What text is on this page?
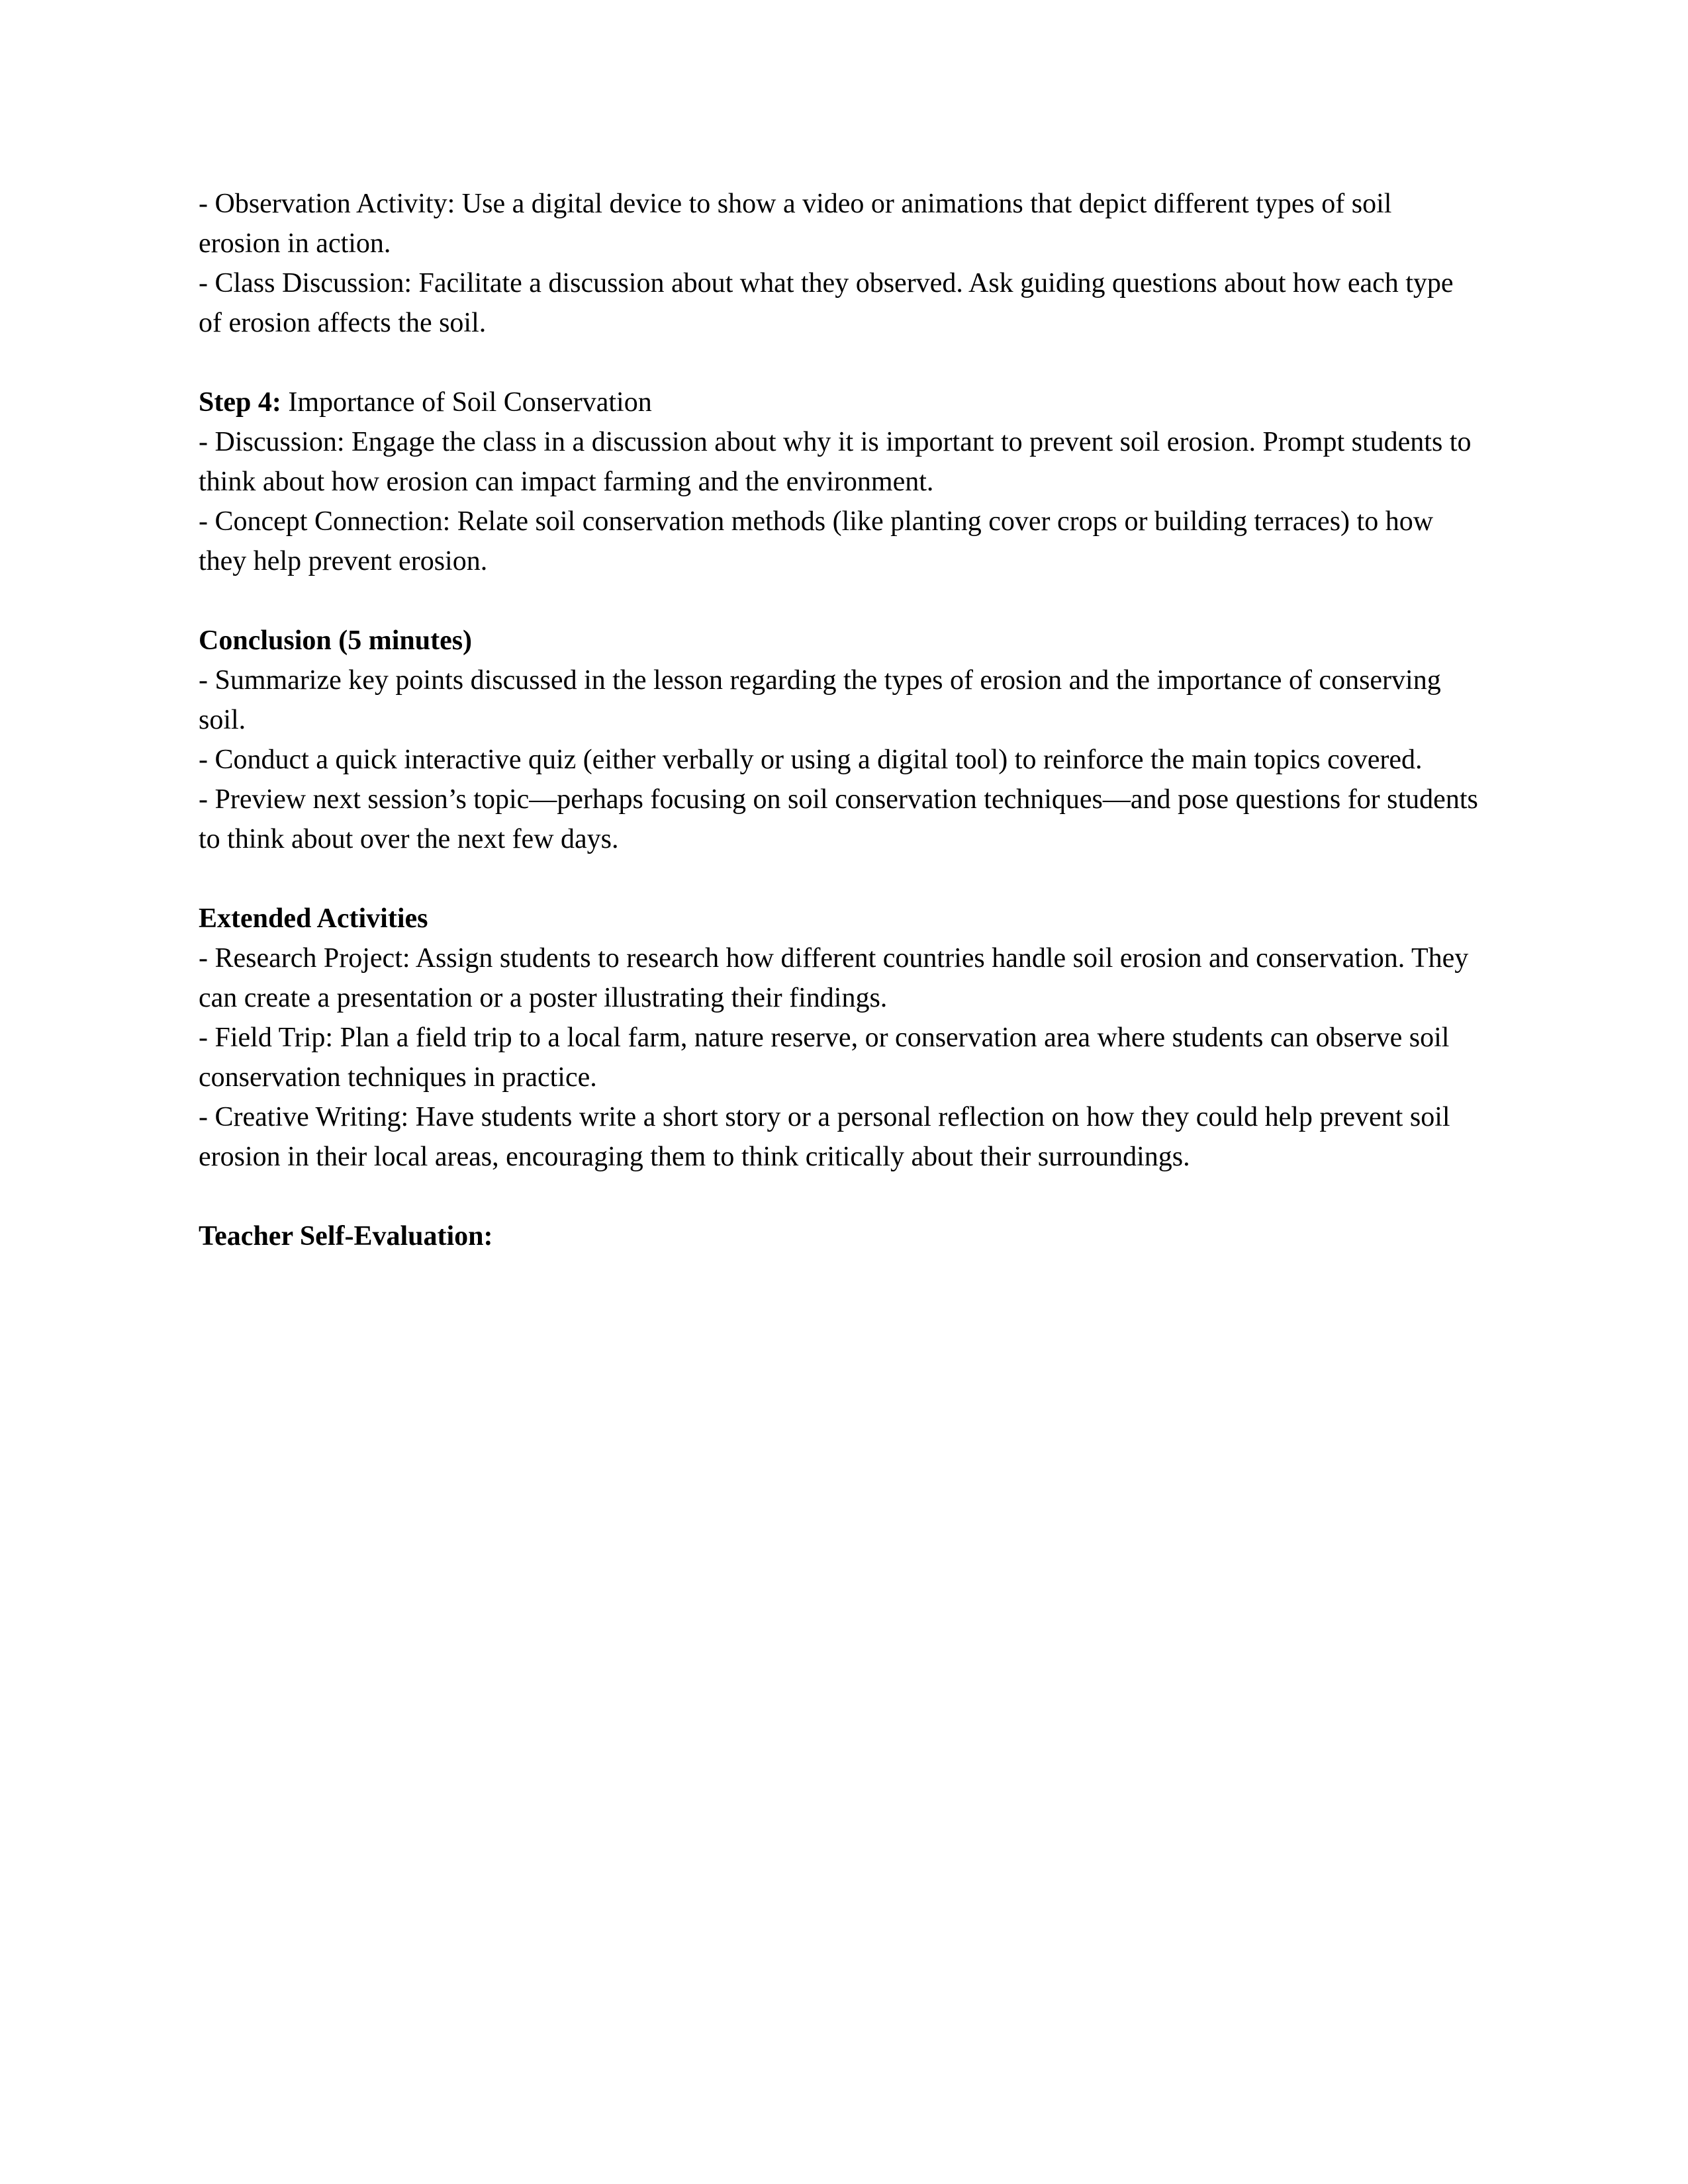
- Observation Activity: Use a digital device to show a video or animations that depict different types of soil erosion in action.

- Class Discussion: Facilitate a discussion about what they observed. Ask guiding questions about how each type of erosion affects the soil.

Step 4: Importance of Soil Conservation

- Discussion: Engage the class in a discussion about why it is important to prevent soil erosion. Prompt students to think about how erosion can impact farming and the environment.

- Concept Connection: Relate soil conservation methods (like planting cover crops or building terraces) to how they help prevent erosion.

Conclusion (5 minutes)

- Summarize key points discussed in the lesson regarding the types of erosion and the importance of conserving soil.

- Conduct a quick interactive quiz (either verbally or using a digital tool) to reinforce the main topics covered.

- Preview next session’s topic—perhaps focusing on soil conservation techniques—and pose questions for students to think about over the next few days.

Extended Activities

- Research Project: Assign students to research how different countries handle soil erosion and conservation. They can create a presentation or a poster illustrating their findings.

- Field Trip: Plan a field trip to a local farm, nature reserve, or conservation area where students can observe soil conservation techniques in practice.

- Creative Writing: Have students write a short story or a personal reflection on how they could help prevent soil erosion in their local areas, encouraging them to think critically about their surroundings.

Teacher Self-Evaluation:
